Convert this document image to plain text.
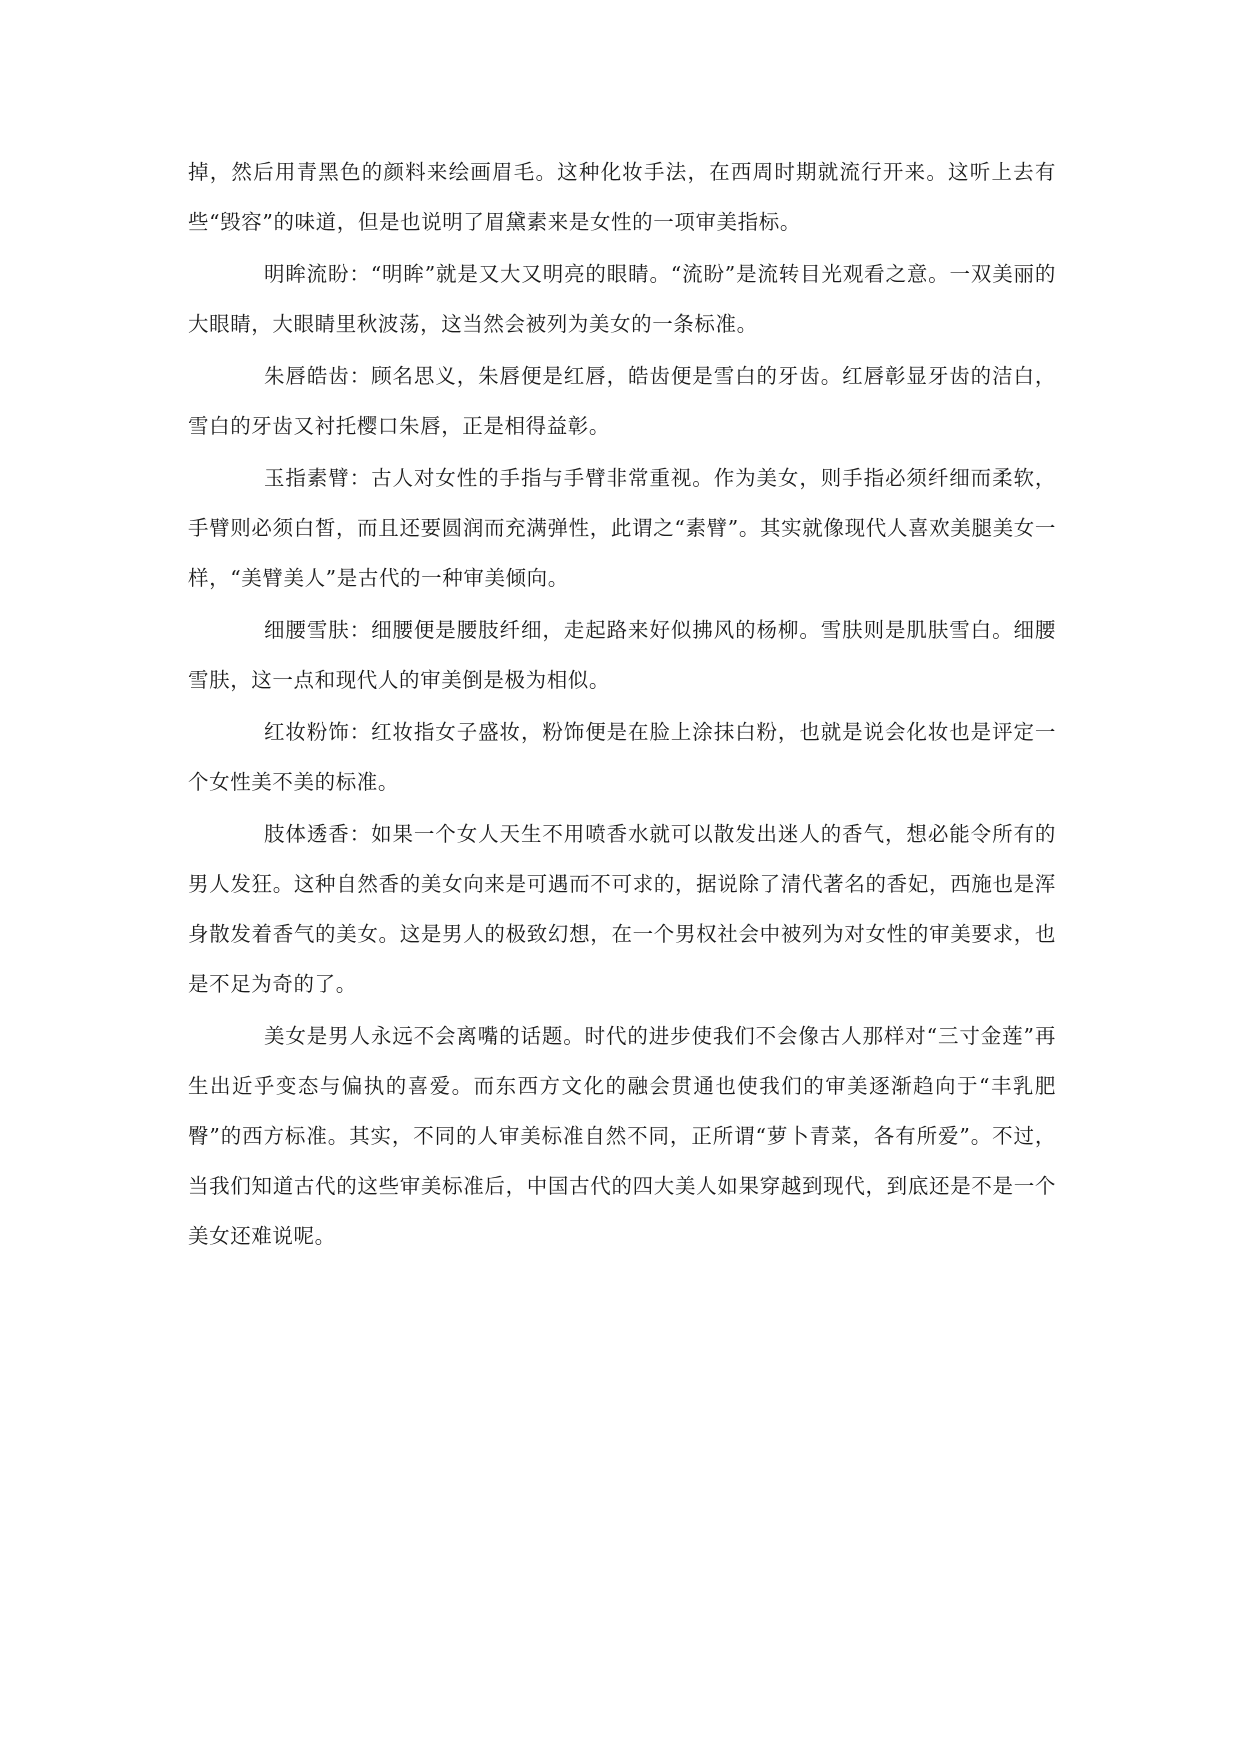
掉，然后用青黑色的颜料来绘画眉毛。这种化妆手法，在西周时期就流行开来。这听上去有些“毁容”的味道，但是也说明了眉黛素来是女性的一项审美指标。

明眸流盼：“明眸”就是又大又明亮的眼睛。“流盼”是流转目光观看之意。一双美丽的大眼睛，大眼睛里秋波荡，这当然会被列为美女的一条标准。

朱唇皓齿：顾名思义，朱唇便是红唇，皓齿便是雪白的牙齿。红唇彰显牙齿的洁白，雪白的牙齿又衬托樱口朱唇，正是相得益彰。

玉指素臂：古人对女性的手指与手臂非常重视。作为美女，则手指必须纤细而柔软，手臂则必须白皙，而且还要圆润而充满弹性，此谓之“素臂”。其实就像现代人喜欢美腿美女一样，“美臂美人”是古代的一种审美倾向。

细腰雪肤：细腰便是腰肢纤细，走起路来好似拂风的杨柳。雪肤则是肌肤雪白。细腰雪肤，这一点和现代人的审美倒是极为相似。

红妆粉饰：红妆指女子盛妆，粉饰便是在脸上涂抹白粉，也就是说会化妆也是评定一个女性美不美的标准。

肢体透香：如果一个女人天生不用喷香水就可以散发出迷人的香气，想必能令所有的男人发狂。这种自然香的美女向来是可遇而不可求的，据说除了清代著名的香妃，西施也是浑身散发着香气的美女。这是男人的极致幻想，在一个男权社会中被列为对女性的审美要求，也是不足为奇的了。

美女是男人永远不会离嘴的话题。时代的进步使我们不会像古人那样对“三寸金莲”再生出近乎变态与偏执的喜爱。而东西方文化的融会贯通也使我们的审美逐渐趋向于“丰乳肥臀”的西方标准。其实，不同的人审美标准自然不同，正所谓“萝卜青菜，各有所爱”。不过，当我们知道古代的这些审美标准后，中国古代的四大美人如果穿越到现代，到底还是不是一个美女还难说呢。
